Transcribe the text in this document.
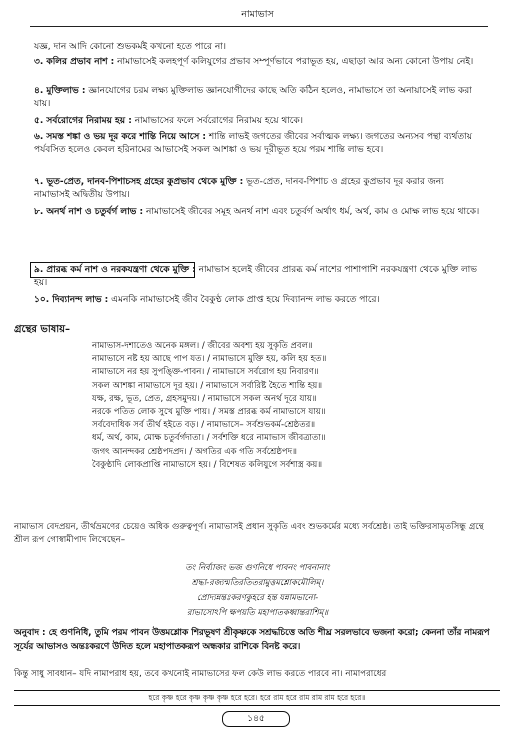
নামাভাস

যজ্ঞ, দান আদি কোনো শুভকর্মই কখনো হতে পারে না।

৩. কলির প্রভাব নাশ : নামাভাসেই কলহপূর্ণ কলিযুগের প্রভাব সম্পূর্ণভাবে পরাভূত হয়, এছাড়া আর অন্য কোনো উপায় নেই।

৪. মুক্তিলাভ : জ্ঞানযোগের চরম লক্ষ্য মুক্তিলাভ জ্ঞানযোগীদের কাছে অতি কঠিন হলেও, নামাভাসে তা অনায়াসেই লাভ করা যায়।

৫. সর্বরোগের নিরাময় হয় : নামাভাসের ফলে সর্বরোগের নিরাময় হয়ে থাকে।

৬. সমস্ত শঙ্কা ও ভয় দূর করে শান্তি নিয়ে আসে : শান্তি লাভই জগতের জীবের সর্বাত্মক লক্ষ্য। জগতের অন্যসব পন্থা ব্যর্থতায় পর্যবসিত হলেও কেবল হরিনামের আভাসেই সকল আশঙ্কা ও ভয় দূরীভূত হয়ে পরম শান্তি লাভ হবে।

৭. ভূত-প্রেত, দানব-পিশাচসহ গ্রহের কুপ্রভাব থেকে মুক্তি : ভূত-প্রেত, দানব-পিশাচ ও গ্রহের কুপ্রভাব দূর করার জন্য নামাভাসই অদ্বিতীয় উপায়।

৮. অনর্থ নাশ ও চতুর্বর্গ লাভ : নামাভাসেই জীবের সমূহ অনর্থ নাশ এবং চতুর্বর্গ অর্থাৎ ধর্ম, অর্থ, কাম ও মোক্ষ লাভ হয়ে থাকে।

৯. প্রারব্ধ কর্ম নাশ ও নরকযন্ত্রণা থেকে মুক্তি : নামাভাস হলেই জীবের প্রারব্ধ কর্ম নাশের পাশাপাশি নরকযন্ত্রণা থেকে মুক্তি লাভ হয়।

১০. দিব্যানন্দ লাভ : এমনকি নামাভাসেই জীব বৈকুণ্ঠ লোক প্রাপ্ত হয়ে দিব্যানন্দ লাভ করতে পারে।

গ্রন্থের ভাষায়–
নামাভাস-দশাতেও অনেক মঙ্গল। / জীবের অবশ্য হয় সুকৃতি প্রবল॥
নামাভাসে নষ্ট হয় আছে পাপ যত। / নামাভাসে মুক্তি হয়, কলি হয় হত॥
নামাভাসে নর হয় সুপঙ্ক্তি-পাবন। / নামাভাসে সর্বরোগ হয় নিবারণ॥
সকল আশঙ্কা নামাভাসে দূর হয়। / নামাভাসে সর্বারিষ্ট হৈতে শান্তি হয়॥
যক্ষ, রক্ষ, ভূত, প্রেত, গ্রহসমুদয়। / নামাভাসে সকল অনর্থ দূরে যায়॥
নরকে পতিত লোক সুখে মুক্তি পায়। / সমস্ত প্রারব্ধ কর্ম নামাভাসে যায়॥
সর্ববেদাধিক সর্ব তীর্থ হইতে বড়। / নামাভাসে– সর্বশুভকর্ম-শ্রেষ্ঠতর॥
ধর্ম, অর্থ, কাম, মোক্ষ চতুর্বর্গদাতা। / সর্বশক্তি ধরে নামাভাস জীবত্রাতা॥
জগৎ আনন্দকর শ্রেষ্ঠপদপ্রদ। / অগতির এক গতি সর্বশ্রেষ্ঠপদ॥
বৈকুণ্ঠাদি লোকপ্রাপ্তি নামাভাসে হয়। / বিশেষত কলিযুগে সর্বশাস্ত্র কয়॥

নামাভাস বেদপ্রয়ন, তীর্থভ্রমণের চেয়েও অধিক গুরুত্বপূর্ণ। নামাভাসই প্রধান সুকৃতি এবং শুভকর্মের মধ্যে সর্বশ্রেষ্ঠ। তাই ভক্তিরসামৃতসিন্ধু গ্রন্থে শ্রীল রূপ গোস্বামীপাদ লিখেছেন–

তং নির্ব্যাজং ভজ গুণনিধে পাবনং পাবনানাং
শ্রদ্ধা-রজ্যন্মতিরতিতরামুত্তমশ্লোকমৌলিম্।
প্রোদ্যন্নন্তঃকরণকুহরে হন্ত যন্নামভানো-
রাভাসোঽপি ক্ষপয়তি মহাপাতকধ্বান্তরাশিম্॥

অনুবাদ : হে গুণনিধি, তুমি পরম পাবন উত্তমশ্লোক শিরভূষণ শ্রীকৃষ্ণকে সশ্রদ্ধচিত্তে অতি শীঘ্র সরলভাবে ভজনা করো; কেননা তাঁর নামরূপ সূর্যের আভাসও অন্তঃকরণে উদিত হলে মহাপাতকরূপ অন্ধকার রাশিকে বিনষ্ট করে।

কিন্তু সাধু সাবধান– যদি নামাপরাধ হয়, তবে কখনোই নামাভাসের ফল কেউ লাভ করতে পারবে না। নামাপরাধের

হরে কৃষ্ণ হরে কৃষ্ণ কৃষ্ণ কৃষ্ণ হরে হরে। হরে রাম হরে রাম রাম রাম হরে হরে॥
১৪৫
